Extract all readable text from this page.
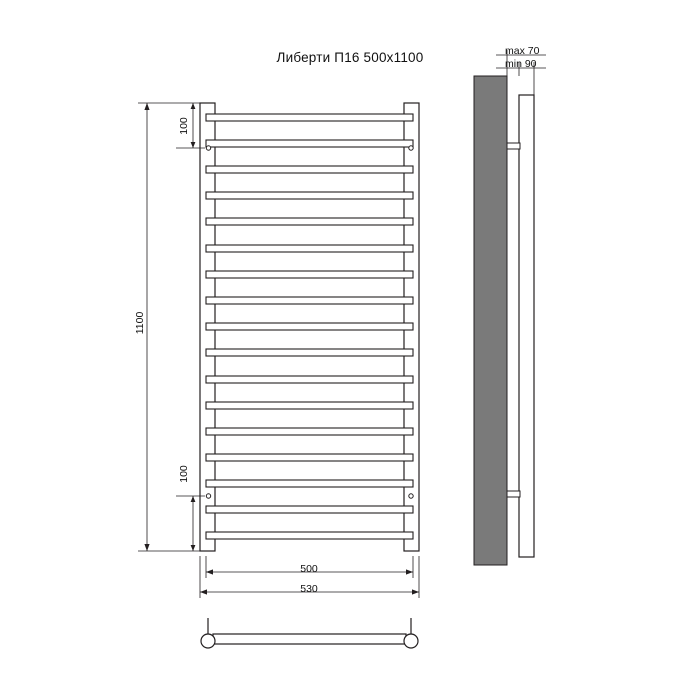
Либерти П16 500x1100
100
100
1100
500
530
max 70
min 90
